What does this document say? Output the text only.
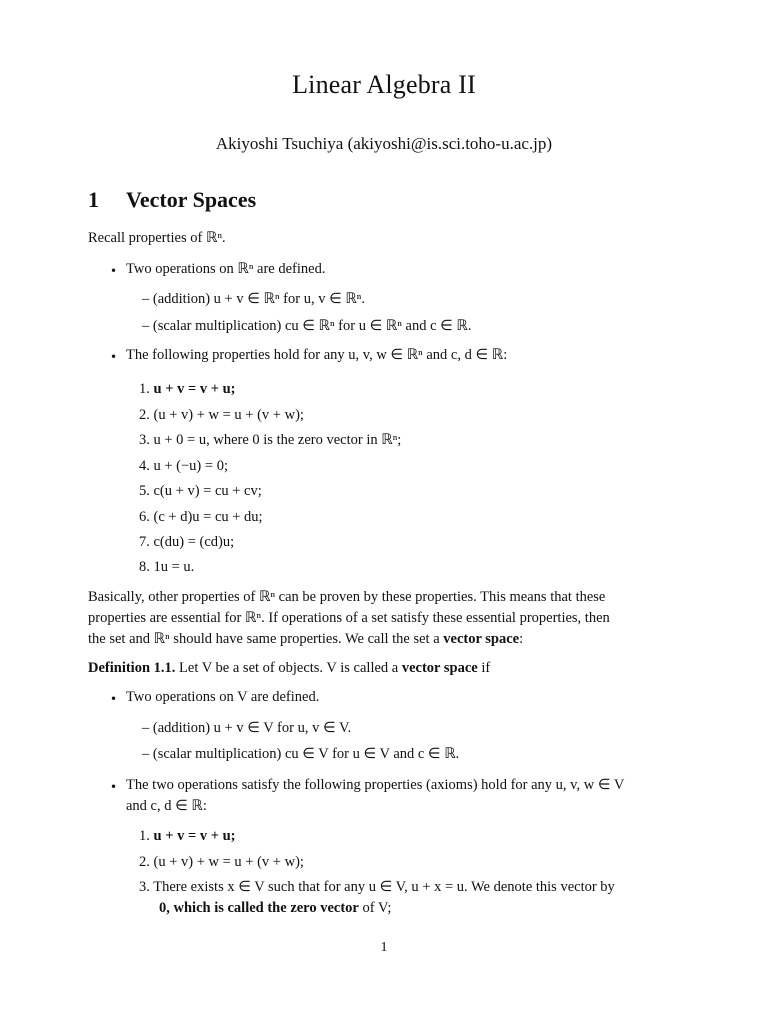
Linear Algebra II
Akiyoshi Tsuchiya (akiyoshi@is.sci.toho-u.ac.jp)
1 Vector Spaces
Recall properties of ℝⁿ.
• Two operations on ℝⁿ are defined.
– (addition) u + v ∈ ℝⁿ for u, v ∈ ℝⁿ.
– (scalar multiplication) cu ∈ ℝⁿ for u ∈ ℝⁿ and c ∈ ℝ.
• The following properties hold for any u, v, w ∈ ℝⁿ and c, d ∈ ℝ:
1. u + v = v + u;
2. (u + v) + w = u + (v + w);
3. u + 0 = u, where 0 is the zero vector in ℝⁿ;
4. u + (−u) = 0;
5. c(u + v) = cu + cv;
6. (c + d)u = cu + du;
7. c(du) = (cd)u;
8. 1u = u.
Basically, other properties of ℝⁿ can be proven by these properties. This means that these
properties are essential for ℝⁿ. If operations of a set satisfy these essential properties, then
the set and ℝⁿ should have same properties. We call the set a vector space:
Definition 1.1. Let V be a set of objects. V is called a vector space if
• Two operations on V are defined.
– (addition) u + v ∈ V for u, v ∈ V.
– (scalar multiplication) cu ∈ V for u ∈ V and c ∈ ℝ.
• The two operations satisfy the following properties (axioms) hold for any u, v, w ∈ V
and c, d ∈ ℝ:
1. u + v = v + u;
2. (u + v) + w = u + (v + w);
3. There exists x ∈ V such that for any u ∈ V, u + x = u. We denote this vector by
0, which is called the zero vector of V;
1
